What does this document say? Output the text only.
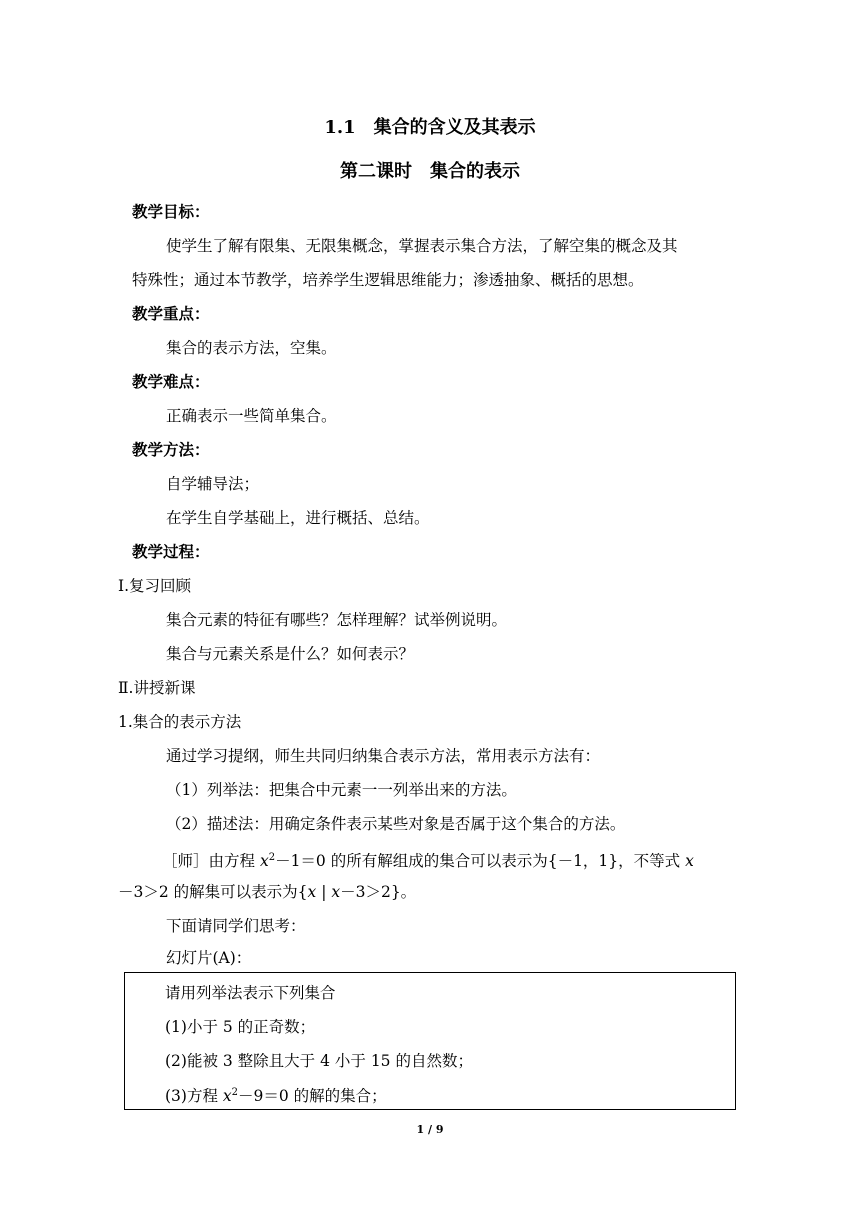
1.1　集合的含义及其表示
第二课时　集合的表示
教学目标：
使学生了解有限集、无限集概念，掌握表示集合方法，了解空集的概念及其
特殊性；通过本节教学，培养学生逻辑思维能力；渗透抽象、概括的思想。
教学重点：
集合的表示方法，空集。
教学难点：
正确表示一些简单集合。
教学方法：
自学辅导法；
在学生自学基础上，进行概括、总结。
教学过程：
Ⅰ.复习回顾
集合元素的特征有哪些？怎样理解？试举例说明。
集合与元素关系是什么？如何表示？
Ⅱ.讲授新课
1.集合的表示方法
通过学习提纲，师生共同归纳集合表示方法，常用表示方法有：
（1）列举法：把集合中元素一一列举出来的方法。
（2）描述法：用确定条件表示某些对象是否属于这个集合的方法。
［师］由方程 $x^2-1=0$ 的所有解组成的集合可以表示为{－1，1}，不等式 x
－3＞2 的解集可以表示为{x | x－3＞2}。
下面请同学们思考：
幻灯片(A)：
请用列举法表示下列集合
(1)小于 5 的正奇数；
(2)能被 3 整除且大于 4 小于 15 的自然数；
(3)方程 $x^2-9=0$ 的解的集合；
1 / 9
